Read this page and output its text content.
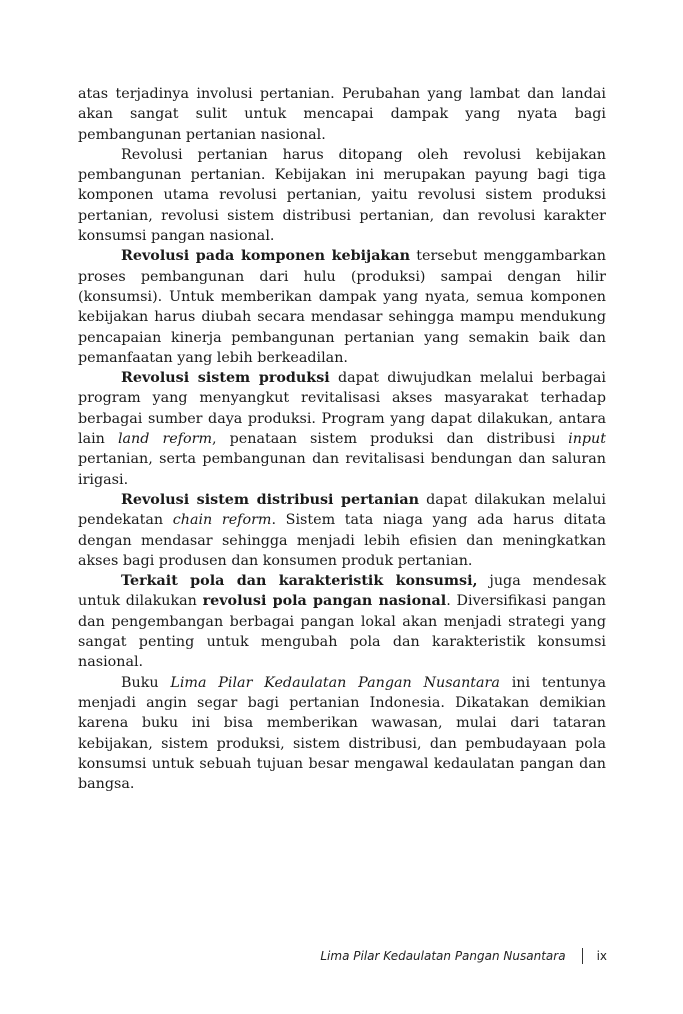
atas terjadinya involusi pertanian. Perubahan yang lambat dan landai akan sangat sulit untuk mencapai dampak yang nyata bagi pembangunan pertanian nasional.

Revolusi pertanian harus ditopang oleh revolusi kebijakan pembangunan pertanian. Kebijakan ini merupakan payung bagi tiga komponen utama revolusi pertanian, yaitu revolusi sistem produksi pertanian, revolusi sistem distribusi pertanian, dan revolusi karakter konsumsi pangan nasional.

Revolusi pada komponen kebijakan tersebut menggambarkan proses pembangunan dari hulu (produksi) sampai dengan hilir (konsumsi). Untuk memberikan dampak yang nyata, semua komponen kebijakan harus diubah secara mendasar sehingga mampu mendukung pencapaian kinerja pembangunan pertanian yang semakin baik dan pemanfaatan yang lebih berkeadilan.

Revolusi sistem produksi dapat diwujudkan melalui berbagai program yang menyangkut revitalisasi akses masyarakat terhadap berbagai sumber daya produksi. Program yang dapat dilakukan, antara lain land reform, penataan sistem produksi dan distribusi input pertanian, serta pembangunan dan revitalisasi bendungan dan saluran irigasi.

Revolusi sistem distribusi pertanian dapat dilakukan melalui pendekatan chain reform. Sistem tata niaga yang ada harus ditata dengan mendasar sehingga menjadi lebih efisien dan meningkatkan akses bagi produsen dan konsumen produk pertanian.

Terkait pola dan karakteristik konsumsi, juga mendesak untuk dilakukan revolusi pola pangan nasional. Diversifikasi pangan dan pengembangan berbagai pangan lokal akan menjadi strategi yang sangat penting untuk mengubah pola dan karakteristik konsumsi nasional.

Buku Lima Pilar Kedaulatan Pangan Nusantara ini tentunya menjadi angin segar bagi pertanian Indonesia. Dikatakan demikian karena buku ini bisa memberikan wawasan, mulai dari tataran kebijakan, sistem produksi, sistem distribusi, dan pembudayaan pola konsumsi untuk sebuah tujuan besar mengawal kedaulatan pangan dan bangsa.

Lima Pilar Kedaulatan Pangan Nusantara	ix
